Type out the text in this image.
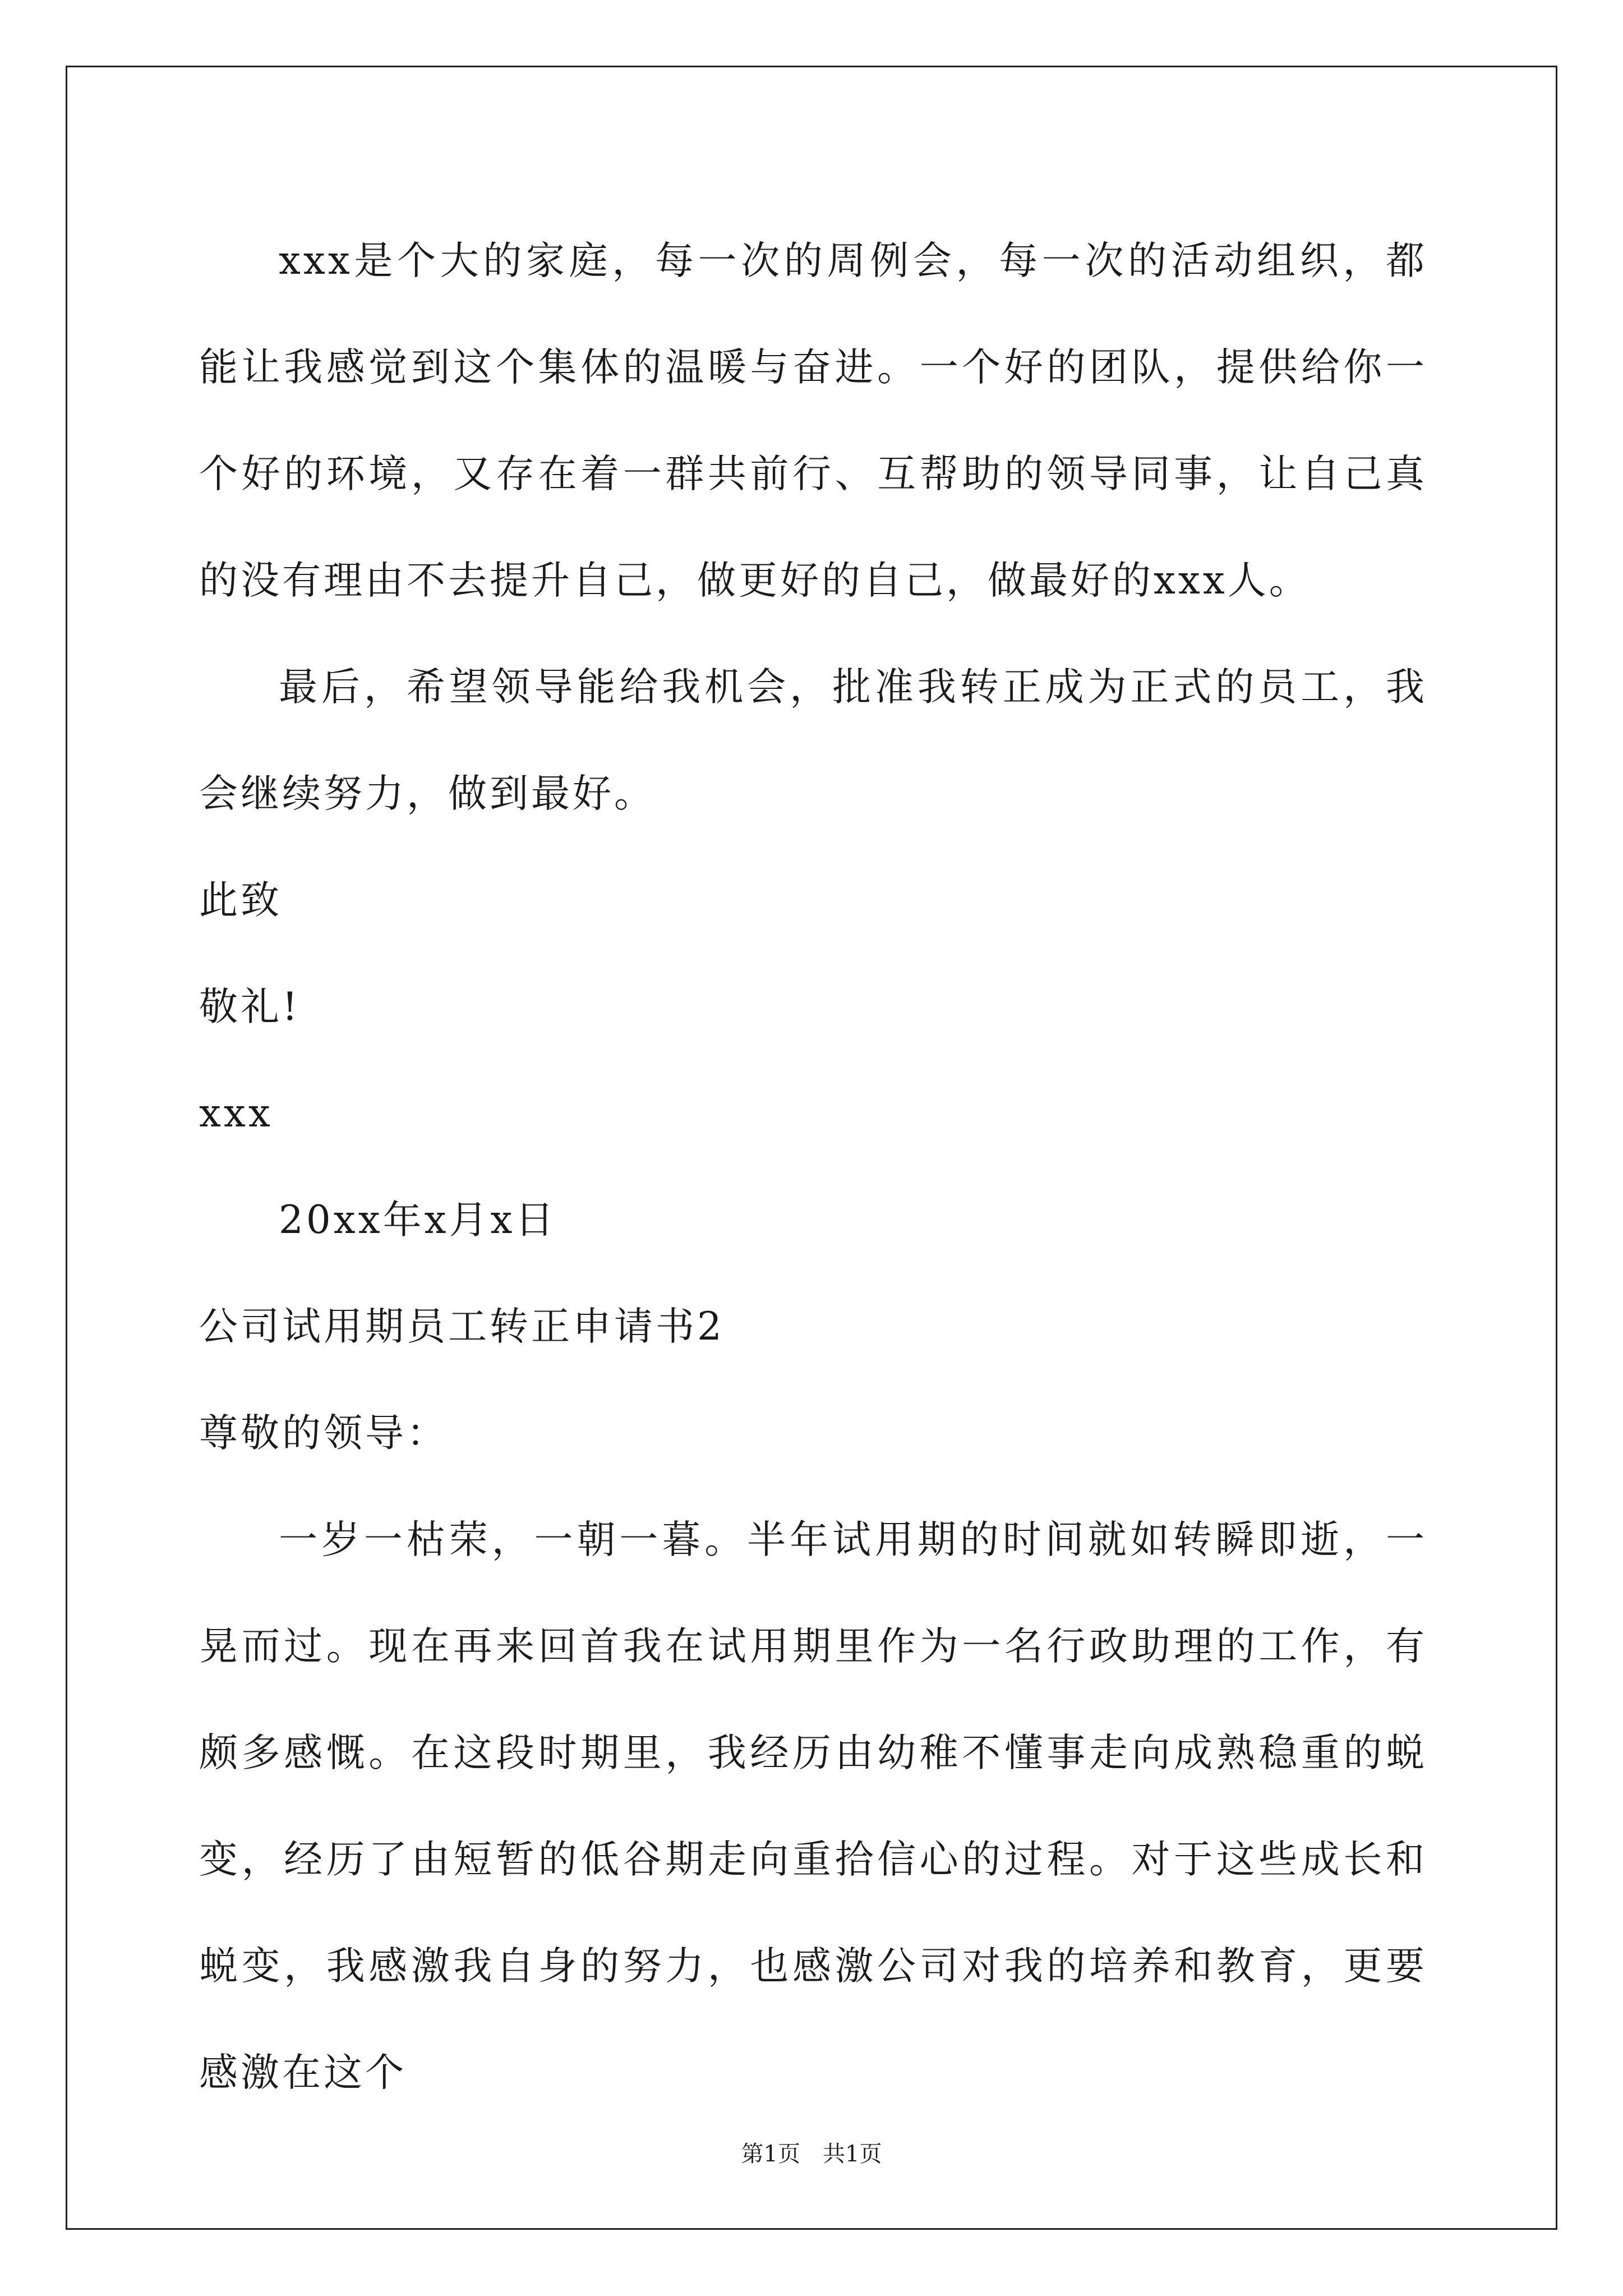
xxx是个大的家庭，每一次的周例会，每一次的活动组织，都能让我感觉到这个集体的温暖与奋进。一个好的团队，提供给你一个好的环境，又存在着一群共前行、互帮助的领导同事，让自己真的没有理由不去提升自己，做更好的自己，做最好的xxx人。

最后，希望领导能给我机会，批准我转正成为正式的员工，我会继续努力，做到最好。

此致

敬礼!

xxx

20xx年x月x日

公司试用期员工转正申请书2

尊敬的领导：

一岁一枯荣，一朝一暮。半年试用期的时间就如转瞬即逝，一晃而过。现在再来回首我在试用期里作为一名行政助理的工作，有颇多感慨。在这段时期里，我经历由幼稚不懂事走向成熟稳重的蜕变，经历了由短暂的低谷期走向重拾信心的过程。对于这些成长和蜕变，我感激我自身的努力，也感激公司对我的培养和教育，更要感激在这个

第1页 共1页
